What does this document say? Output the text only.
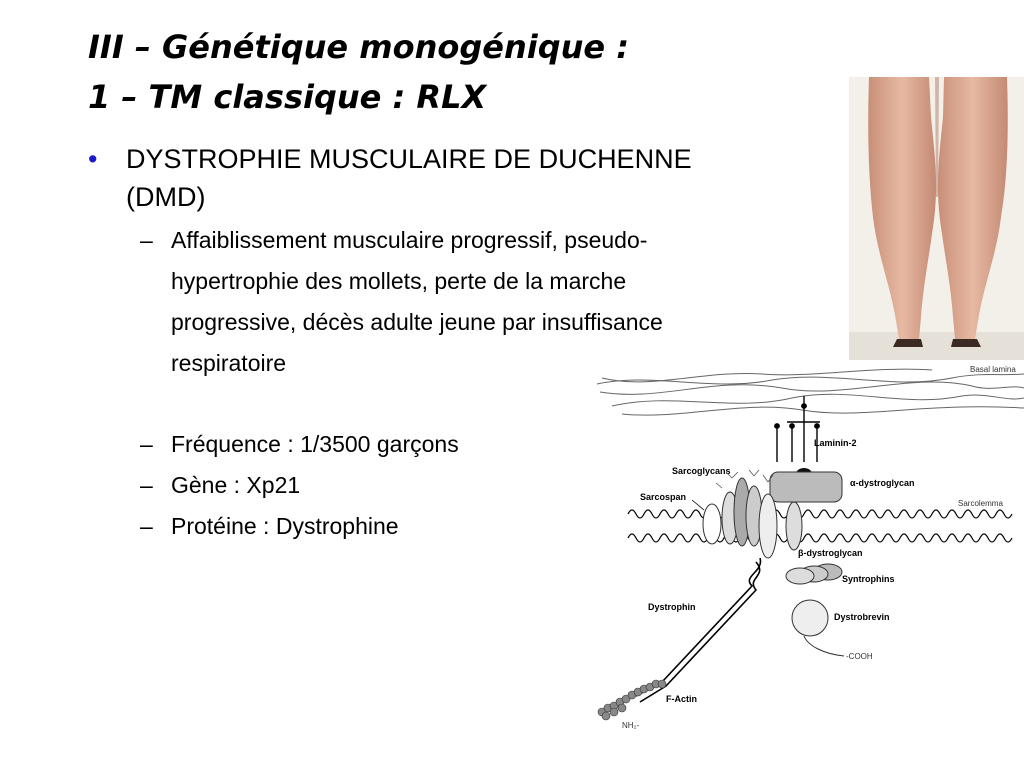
III – Génétique monogénique :
1 – TM classique : RLX
• DYSTROPHIE MUSCULAIRE DE DUCHENNE
(DMD)
– Affaiblissement musculaire progressif, pseudo-
hypertrophie des mollets, perte de la marche
progressive, décès adulte jeune par insuffisance
respiratoire
– Fréquence : 1/3500 garçons
– Gène : Xp21
– Protéine : Dystrophine
Basal lamina
Laminin-2
α-dystroglycan
Sarcoglycans
Sarcospan
Sarcolemma
β-dystroglycan
Syntrophins
Dystrobrevin
-COOH
Dystrophin
F-Actin
NH₂-
